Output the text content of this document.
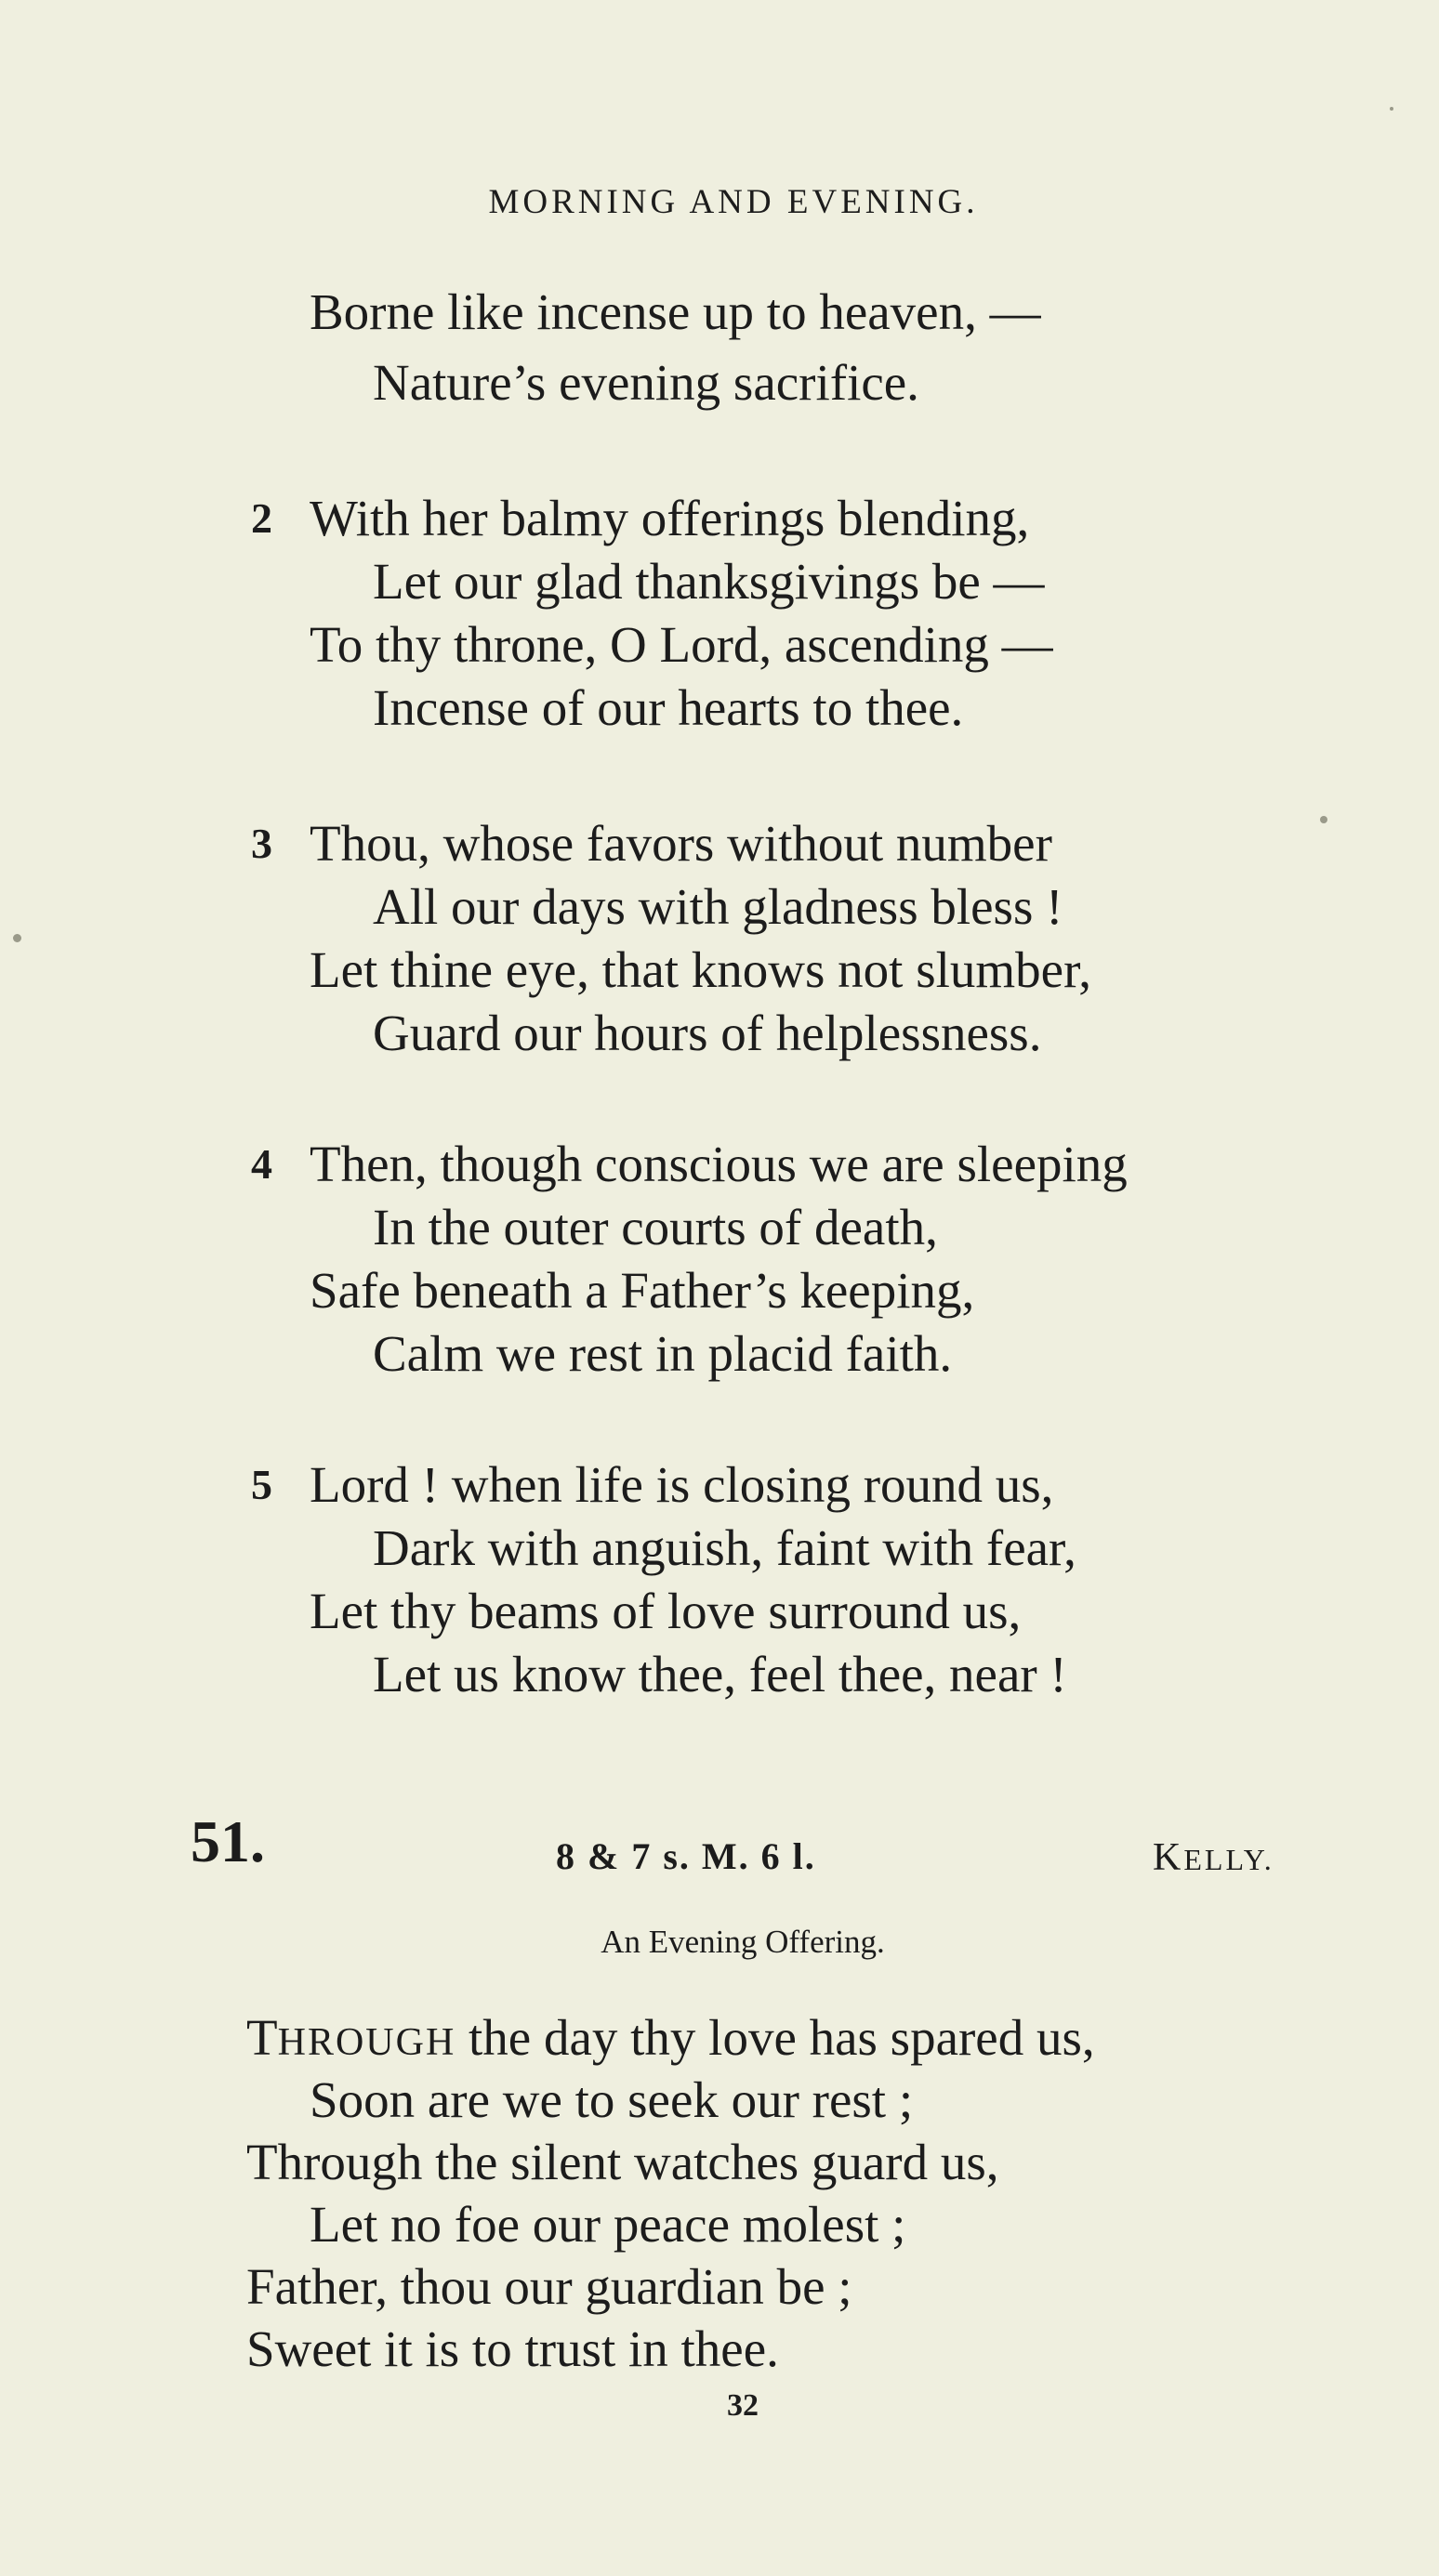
MORNING AND EVENING.
Borne like incense up to heaven, —
Nature’s evening sacrifice.
2 With her balmy offerings blending,
Let our glad thanksgivings be —
To thy throne, O Lord, ascending —
Incense of our hearts to thee.
3 Thou, whose favors without number
All our days with gladness bless !
Let thine eye, that knows not slumber,
Guard our hours of helplessness.
4 Then, though conscious we are sleeping
In the outer courts of death,
Safe beneath a Father’s keeping,
Calm we rest in placid faith.
5 Lord ! when life is closing round us,
Dark with anguish, faint with fear,
Let thy beams of love surround us,
Let us know thee, feel thee, near !
51.	8 & 7 s. M. 6 l.	KELLY.
An Evening Offering.
THROUGH the day thy love has spared us,
Soon are we to seek our rest ;
Through the silent watches guard us,
Let no foe our peace molest ;
Father, thou our guardian be ;
Sweet it is to trust in thee.
32
